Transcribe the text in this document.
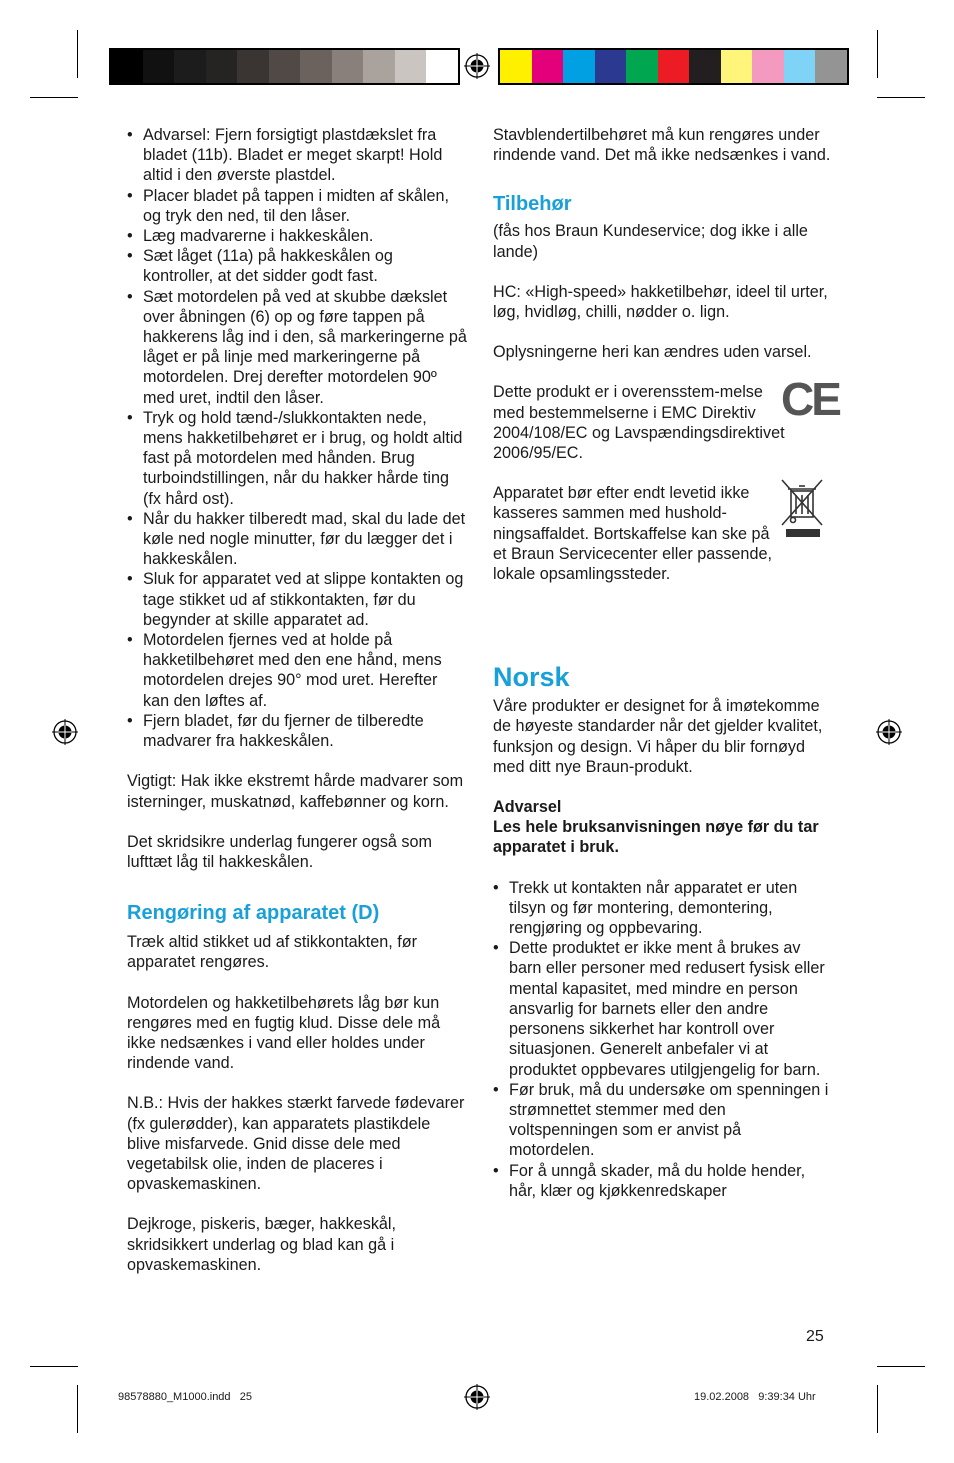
• Advarsel: Fjern forsigtigt plastdækslet fra bladet (11b). Bladet er meget skarpt! Hold altid i den øverste plastdel.
• Placer bladet på tappen i midten af skålen, og tryk den ned, til den låser.
• Læg madvarerne i hakkeskålen.
• Sæt låget (11a) på hakkeskålen og kontroller, at det sidder godt fast.
• Sæt motordelen på ved at skubbe dækslet over åbningen (6) op og føre tappen på hakkerens låg ind i den, så markeringerne på låget er på linje med markeringerne på motordelen. Drej derefter motordelen 90º med uret, indtil den låser.
• Tryk og hold tænd-/slukkontakten nede, mens hakketilbehøret er i brug, og holdt altid fast på motordelen med hånden. Brug turboindstillingen, når du hakker hårde ting (fx hård ost).
• Når du hakker tilberedt mad, skal du lade det køle ned nogle minutter, før du lægger det i hakkeskålen.
• Sluk for apparatet ved at slippe kontakten og tage stikket ud af stikkontakten, før du begynder at skille apparatet ad.
• Motordelen fjernes ved at holde på hakketilbehøret med den ene hånd, mens motordelen drejes 90° mod uret. Herefter kan den løftes af.
• Fjern bladet, før du fjerner de tilberedte madvarer fra hakkeskålen.

Vigtigt: Hak ikke ekstremt hårde madvarer som isterninger, muskatnød, kaffebønner og korn.

Det skridsikre underlag fungerer også som lufttæt låg til hakkeskålen.

Rengøring af apparatet (D)

Træk altid stikket ud af stikkontakten, før apparatet rengøres.

Motordelen og hakketilbehørets låg bør kun rengøres med en fugtig klud. Disse dele må ikke nedsænkes i vand eller holdes under rindende vand.

N.B.: Hvis der hakkes stærkt farvede fødevarer (fx gulerødder), kan apparatets plastikdele blive misfarvede. Gnid disse dele med vegetabilsk olie, inden de placeres i opvaskemaskinen.

Dejkroge, piskeris, bæger, hakkeskål, skridsikkert underlag og blad kan gå i opvaskemaskinen.

Stavblendertilbehøret må kun rengøres under rindende vand. Det må ikke nedsænkes i vand.

Tilbehør

(fås hos Braun Kundeservice; dog ikke i alle lande)

HC: «High-speed» hakketilbehør, ideel til urter, løg, hvidløg, chilli, nødder o. lign.

Oplysningerne heri kan ændres uden varsel.

Dette produkt er i overensstem-melse med bestemmelserne i EMC Direktiv 2004/108/EC og Lavspændingsdirektivet 2006/95/EC.

CE

Apparatet bør efter endt levetid ikke kasseres sammen med hushold-ningsaffaldet. Bortskaffelse kan ske på et Braun Servicecenter eller passende, lokale opsamlingssteder.

Norsk

Våre produkter er designet for å imøtekomme de høyeste standarder når det gjelder kvalitet, funksjon og design. Vi håper du blir fornøyd med ditt nye Braun-produkt.

Advarsel

Les hele bruksanvisningen nøye før du tar apparatet i bruk.

• Trekk ut kontakten når apparatet er uten tilsyn og før montering, demontering, rengjøring og oppbevaring.
• Dette produktet er ikke ment å brukes av barn eller personer med redusert fysisk eller mental kapasitet, med mindre en person ansvarlig for barnets eller den andre personens sikkerhet har kontroll over situasjonen. Generelt anbefaler vi at produktet oppbevares utilgjengelig for barn.
• Før bruk, må du undersøke om spenningen i strømnettet stemmer med den voltspenningen som er anvist på motordelen.
• For å unngå skader, må du holde hender, hår, klær og kjøkkenredskaper
25
98578880_M1000.indd   25	19.02.2008   9:39:34 Uhr
